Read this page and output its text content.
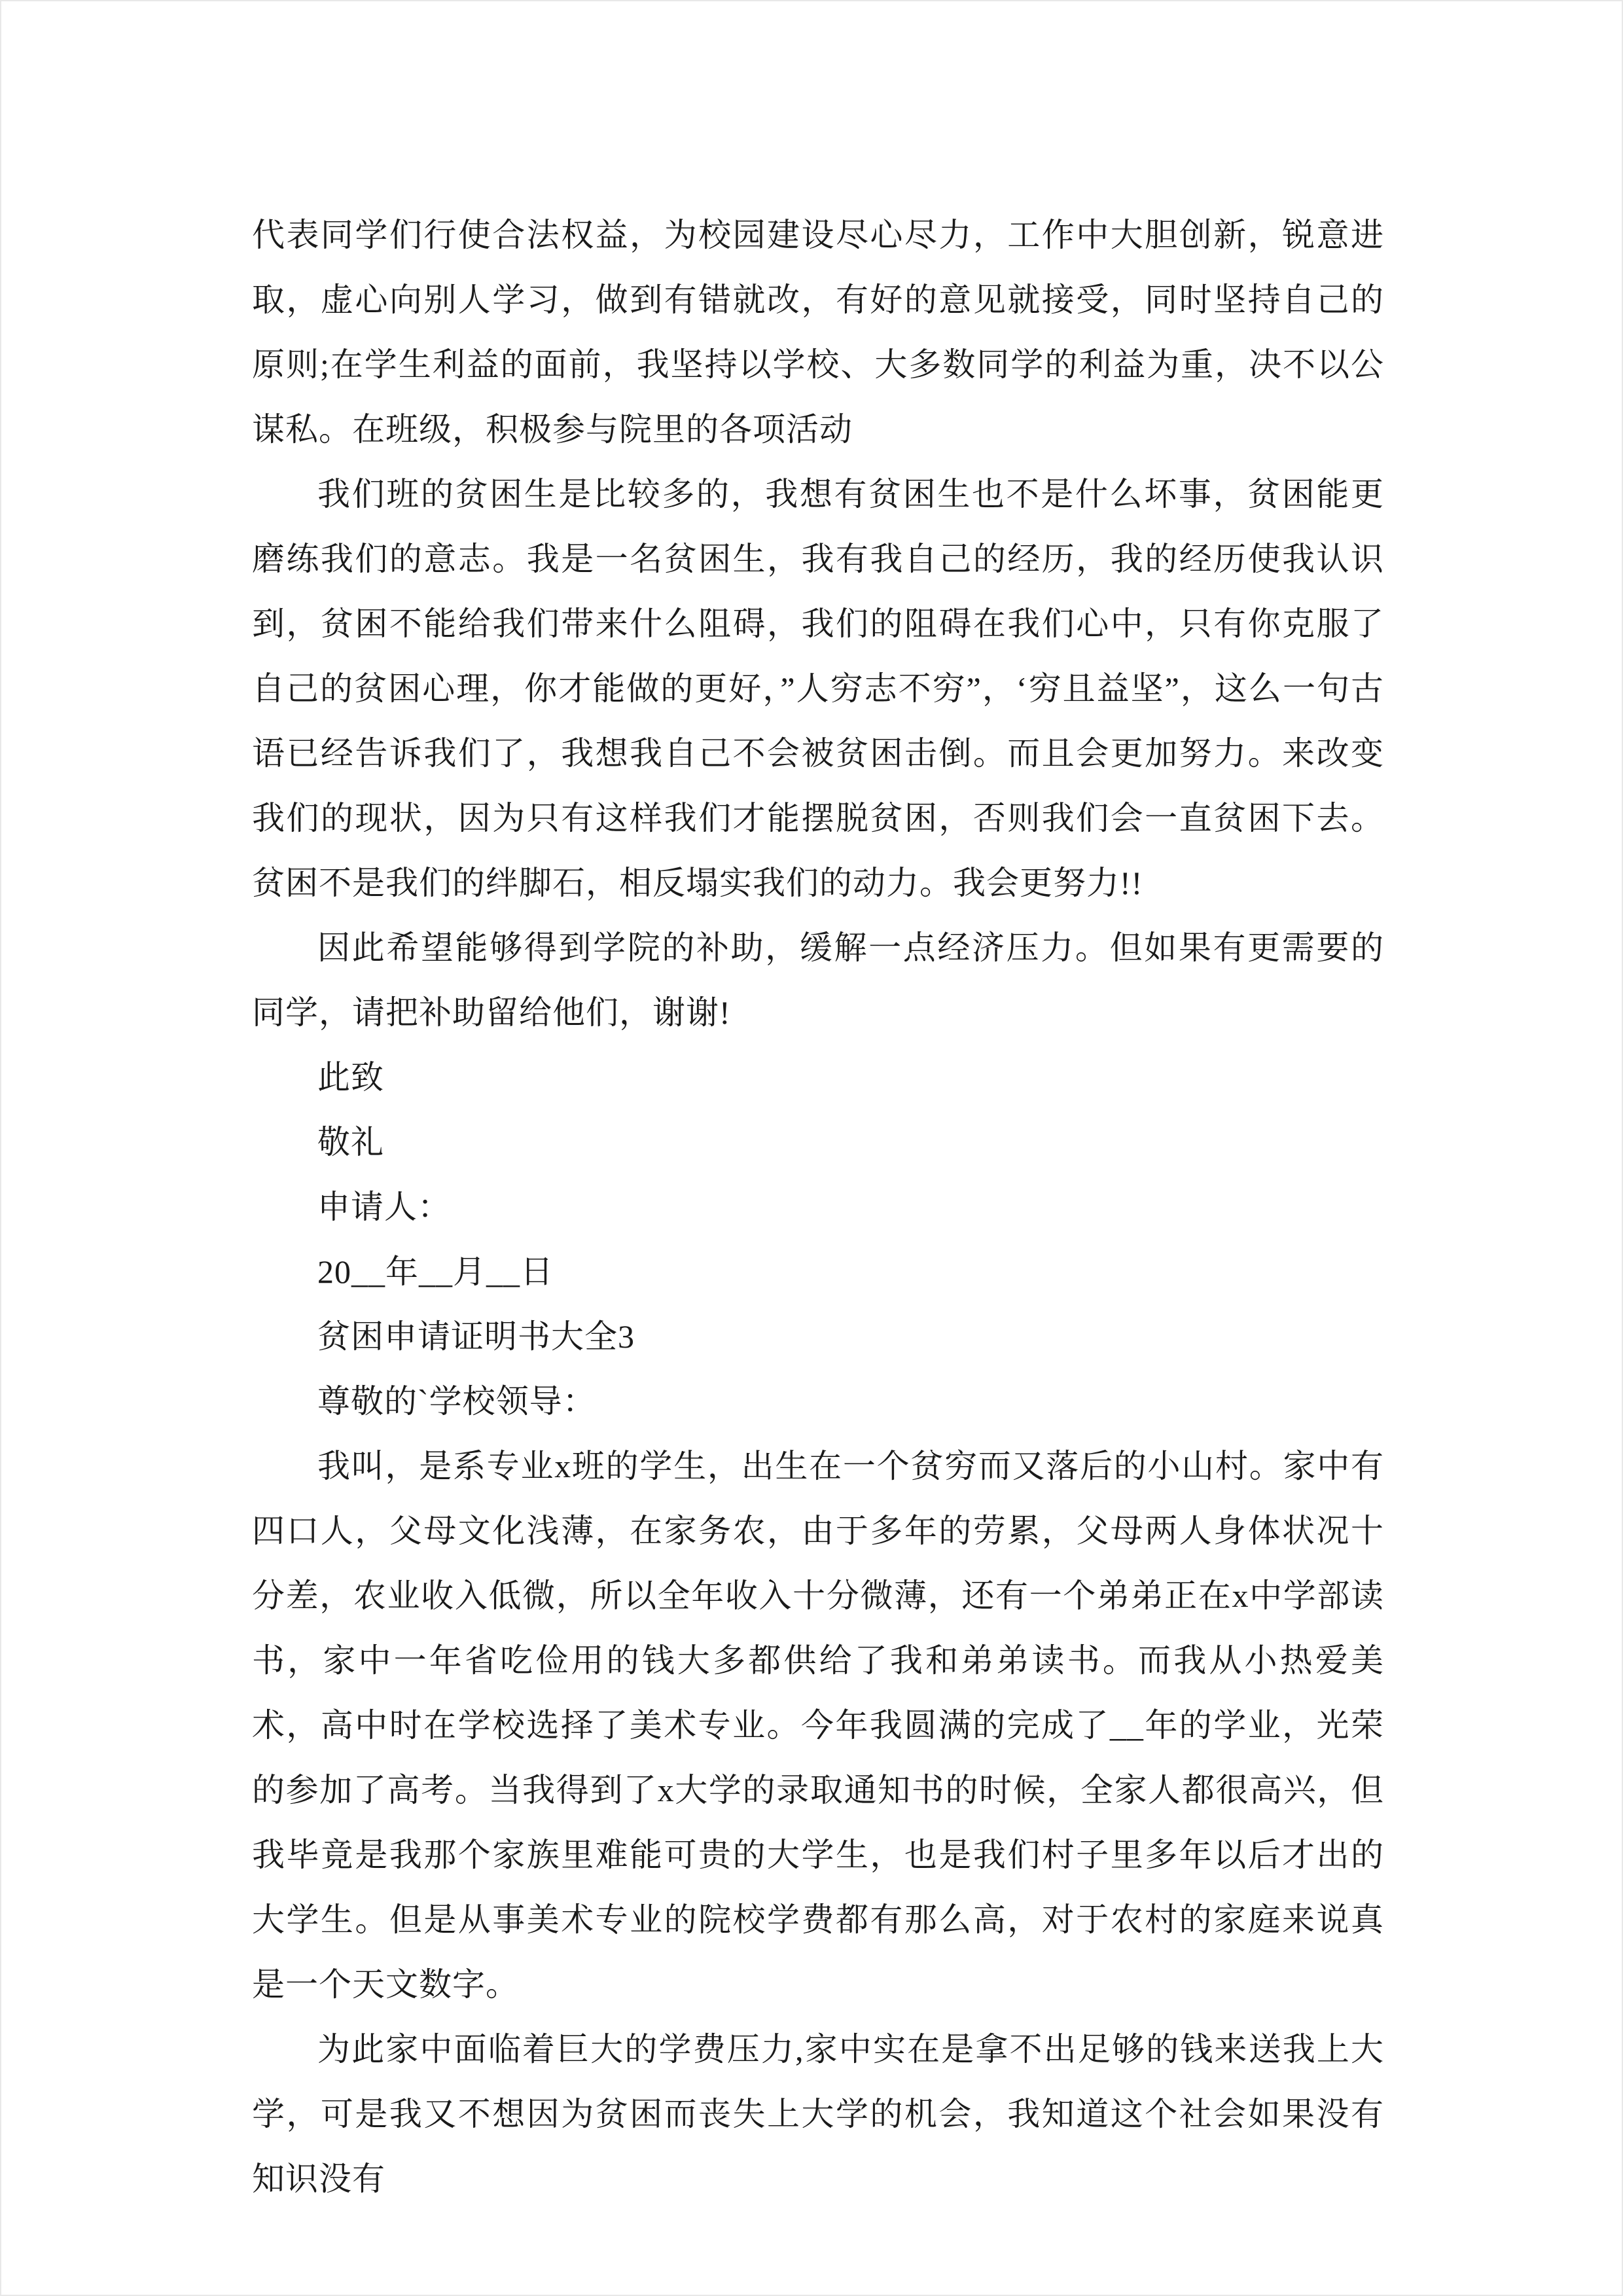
代表同学们行使合法权益，为校园建设尽心尽力，工作中大胆创新，锐意进取，虚心向别人学习，做到有错就改，有好的意见就接受，同时坚持自己的原则;在学生利益的面前，我坚持以学校、大多数同学的利益为重，决不以公谋私。在班级，积极参与院里的各项活动

我们班的贫困生是比较多的，我想有贫困生也不是什么坏事，贫困能更磨练我们的意志。我是一名贫困生，我有我自己的经历，我的经历使我认识到，贫困不能给我们带来什么阻碍，我们的阻碍在我们心中，只有你克服了自己的贫困心理，你才能做的更好，”人穷志不穷”，‘穷且益坚”，这么一句古语已经告诉我们了，我想我自己不会被贫困击倒。而且会更加努力。来改变我们的现状，因为只有这样我们才能摆脱贫困，否则我们会一直贫困下去。贫困不是我们的绊脚石，相反塌实我们的动力。我会更努力!!

因此希望能够得到学院的补助，缓解一点经济压力。但如果有更需要的同学，请把补助留给他们，谢谢!

此致

敬礼

申请人：

20__年__月__日

贫困申请证明书大全3

尊敬的`学校领导：

我叫，是系专业x班的学生，出生在一个贫穷而又落后的小山村。家中有四口人，父母文化浅薄，在家务农，由于多年的劳累，父母两人身体状况十分差，农业收入低微，所以全年收入十分微薄，还有一个弟弟正在x中学部读书，家中一年省吃俭用的钱大多都供给了我和弟弟读书。而我从小热爱美术，高中时在学校选择了美术专业。今年我圆满的完成了__年的学业，光荣的参加了高考。当我得到了x大学的录取通知书的时候，全家人都很高兴，但我毕竟是我那个家族里难能可贵的大学生，也是我们村子里多年以后才出的大学生。但是从事美术专业的院校学费都有那么高，对于农村的家庭来说真是一个天文数字。

为此家中面临着巨大的学费压力,家中实在是拿不出足够的钱来送我上大学，可是我又不想因为贫困而丧失上大学的机会，我知道这个社会如果没有知识没有
